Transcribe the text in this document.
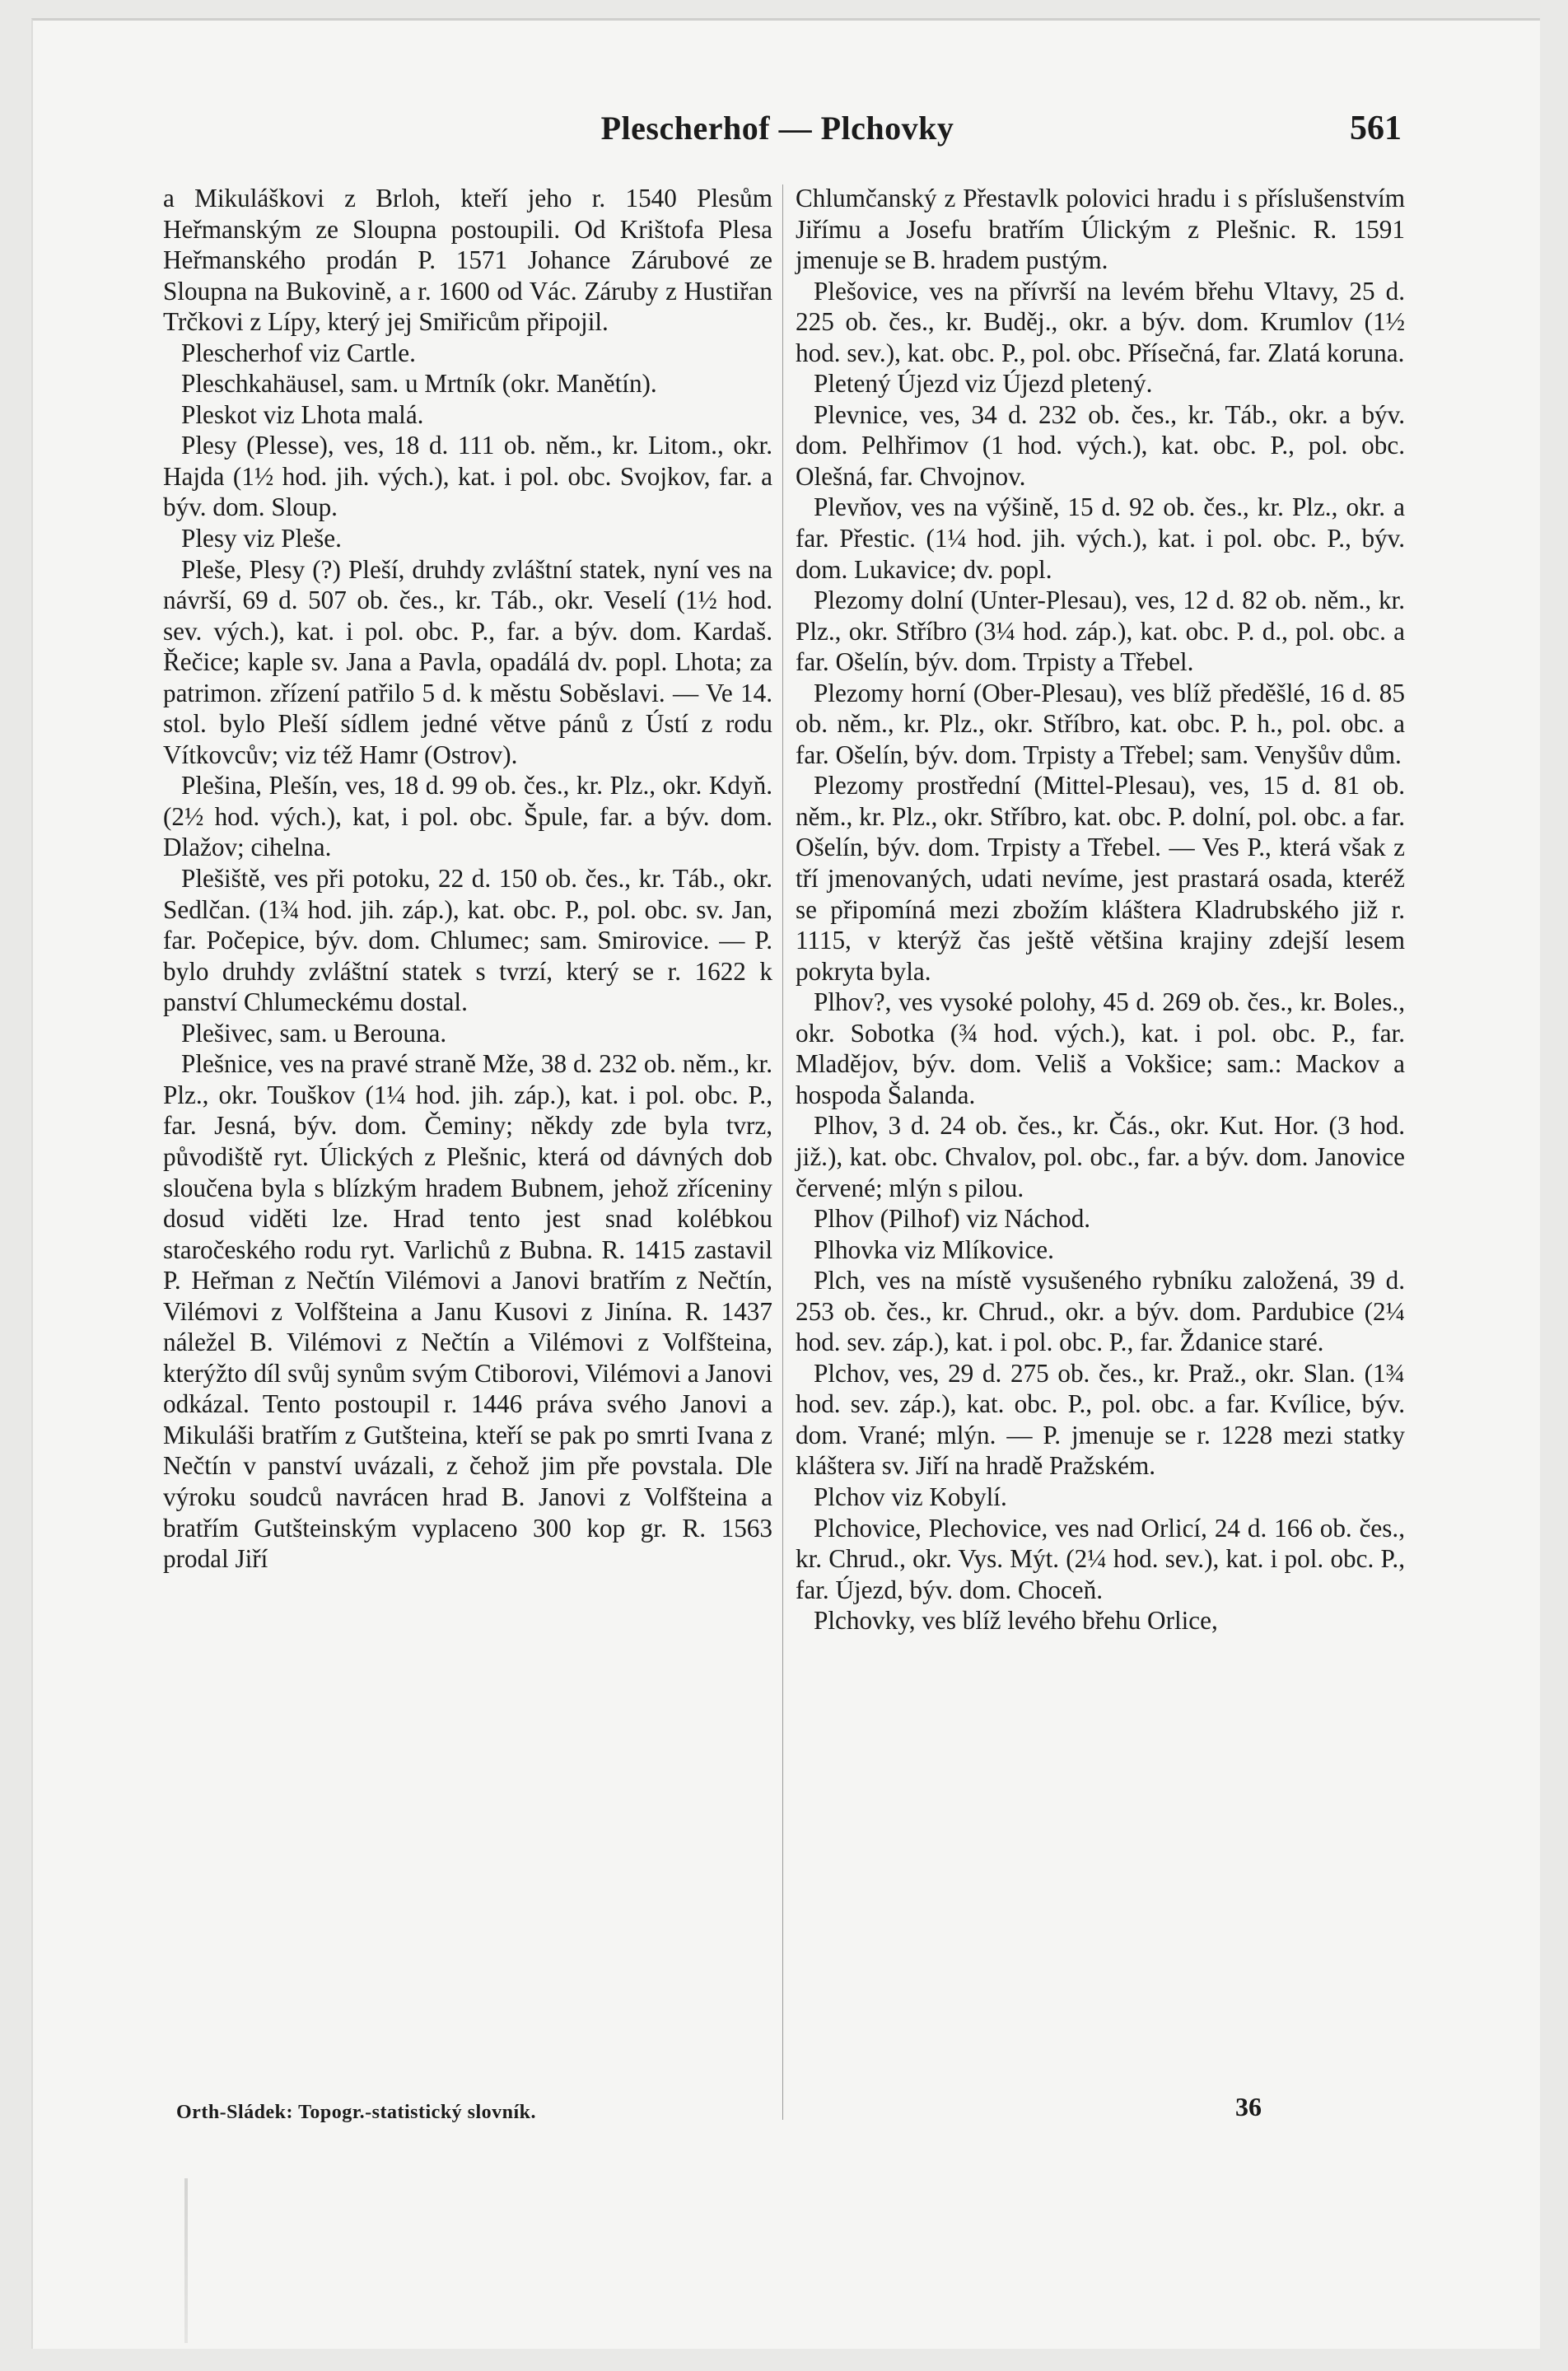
Plescherhof — Plchovky	561

a Mikuláškovi z Brloh, kteří jeho r. 1540 Plesům Heřmanským ze Sloupna postoupili. Od Krištofa Plesa Heřmanského prodán P. 1571 Johance Zárubové ze Sloupna na Bukovině, a r. 1600 od Vác. Záruby z Hustiřan Trčkovi z Lípy, který jej Smiřicům připojil.

Plescherhof viz Cartle.

Pleschkahäusel, sam. u Mrtník (okr. Manětín).

Pleskot viz Lhota malá.

Plesy (Plesse), ves, 18 d. 111 ob. něm., kr. Litom., okr. Hajda (1½ hod. jih. vých.), kat. i pol. obc. Svojkov, far. a býv. dom. Sloup.

Plesy viz Pleše.

Pleše, Plesy (?) Pleší, druhdy zvláštní statek, nyní ves na návrší, 69 d. 507 ob. čes., kr. Táb., okr. Veselí (1½ hod. sev. vých.), kat. i pol. obc. P., far. a býv. dom. Kardaš. Řečice; kaple sv. Jana a Pavla, opadálá dv. popl. Lhota; za patrimon. zřízení patřilo 5 d. k městu Soběslavi. — Ve 14. stol. bylo Pleší sídlem jedné větve pánů z Ústí z rodu Vítkovcův; viz též Hamr (Ostrov).

Plešina, Plešín, ves, 18 d. 99 ob. čes., kr. Plz., okr. Kdyň. (2½ hod. vých.), kat, i pol. obc. Špule, far. a býv. dom. Dlažov; cihelna.

Plešiště, ves při potoku, 22 d. 150 ob. čes., kr. Táb., okr. Sedlčan. (1¾ hod. jih. záp.), kat. obc. P., pol. obc. sv. Jan, far. Počepice, býv. dom. Chlumec; sam. Smirovice. — P. bylo druhdy zvláštní statek s tvrzí, který se r. 1622 k panství Chlumeckému dostal.

Plešivec, sam. u Berouna.

Plešnice, ves na pravé straně Mže, 38 d. 232 ob. něm., kr. Plz., okr. Touškov (1¼ hod. jih. záp.), kat. i pol. obc. P., far. Jesná, býv. dom. Čeminy; někdy zde byla tvrz, původiště ryt. Úlických z Plešnic, která od dávných dob sloučena byla s blízkým hradem Bubnem, jehož zříceniny dosud viděti lze. Hrad tento jest snad kolébkou staročeského rodu ryt. Varlichů z Bubna. R. 1415 zastavil P. Heřman z Nečtín Vilémovi a Janovi bratřím z Nečtín, Vilémovi z Volfšteina a Janu Kusovi z Jinína. R. 1437 náležel B. Vilémovi z Nečtín a Vilémovi z Volfšteina, kterýžto díl svůj synům svým Ctiborovi, Vilémovi a Janovi odkázal. Tento postoupil r. 1446 práva svého Janovi a Mikuláši bratřím z Gutšteina, kteří se pak po smrti Ivana z Nečtín v panství uvázali, z čehož jim pře povstala. Dle výroku soudců navrácen hrad B. Janovi z Volfšteina a bratřím Gutšteinským vyplaceno 300 kop gr. R. 1563 prodal Jiří

Chlumčanský z Přestavlk polovici hradu i s příslušenstvím Jiřímu a Josefu bratřím Úlickým z Plešnic. R. 1591 jmenuje se B. hradem pustým.

Plešovice, ves na přívrší na levém břehu Vltavy, 25 d. 225 ob. čes., kr. Buděj., okr. a býv. dom. Krumlov (1½ hod. sev.), kat. obc. P., pol. obc. Přísečná, far. Zlatá koruna.

Pletený Újezd viz Újezd pletený.

Plevnice, ves, 34 d. 232 ob. čes., kr. Táb., okr. a býv. dom. Pelhřimov (1 hod. vých.), kat. obc. P., pol. obc. Olešná, far. Chvojnov.

Plevňov, ves na výšině, 15 d. 92 ob. čes., kr. Plz., okr. a far. Přestic. (1¼ hod. jih. vých.), kat. i pol. obc. P., býv. dom. Lukavice; dv. popl.

Plezomy dolní (Unter-Plesau), ves, 12 d. 82 ob. něm., kr. Plz., okr. Stříbro (3¼ hod. záp.), kat. obc. P. d., pol. obc. a far. Ošelín, býv. dom. Trpisty a Třebel.

Plezomy horní (Ober-Plesau), ves blíž předěšlé, 16 d. 85 ob. něm., kr. Plz., okr. Stříbro, kat. obc. P. h., pol. obc. a far. Ošelín, býv. dom. Trpisty a Třebel; sam. Venyšův dům.

Plezomy prostřední (Mittel-Plesau), ves, 15 d. 81 ob. něm., kr. Plz., okr. Stříbro, kat. obc. P. dolní, pol. obc. a far. Ošelín, býv. dom. Trpisty a Třebel. — Ves P., která však z tří jmenovaných, udati nevíme, jest prastará osada, kteréž se připomíná mezi zbožím kláštera Kladrubského již r. 1115, v kterýž čas ještě většina krajiny zdejší lesem pokryta byla.

Plhov?, ves vysoké polohy, 45 d. 269 ob. čes., kr. Boles., okr. Sobotka (¾ hod. vých.), kat. i pol. obc. P., far. Mladějov, býv. dom. Veliš a Vokšice; sam.: Mackov a hospoda Šalanda.

Plhov, 3 d. 24 ob. čes., kr. Čás., okr. Kut. Hor. (3 hod. již.), kat. obc. Chvalov, pol. obc., far. a býv. dom. Janovice červené; mlýn s pilou.

Plhov (Pilhof) viz Náchod.

Plhovka viz Mlíkovice.

Plch, ves na místě vysušeného rybníku založená, 39 d. 253 ob. čes., kr. Chrud., okr. a býv. dom. Pardubice (2¼ hod. sev. záp.), kat. i pol. obc. P., far. Ždanice staré.

Plchov, ves, 29 d. 275 ob. čes., kr. Praž., okr. Slan. (1¾ hod. sev. záp.), kat. obc. P., pol. obc. a far. Kvílice, býv. dom. Vrané; mlýn. — P. jmenuje se r. 1228 mezi statky kláštera sv. Jiří na hradě Pražském.

Plchov viz Kobylí.

Plchovice, Plechovice, ves nad Orlicí, 24 d. 166 ob. čes., kr. Chrud., okr. Vys. Mýt. (2¼ hod. sev.), kat. i pol. obc. P., far. Újezd, býv. dom. Choceň.

Plchovky, ves blíž levého břehu Orlice,

Orth-Sládek: Topogr.-statistický slovník.	36
